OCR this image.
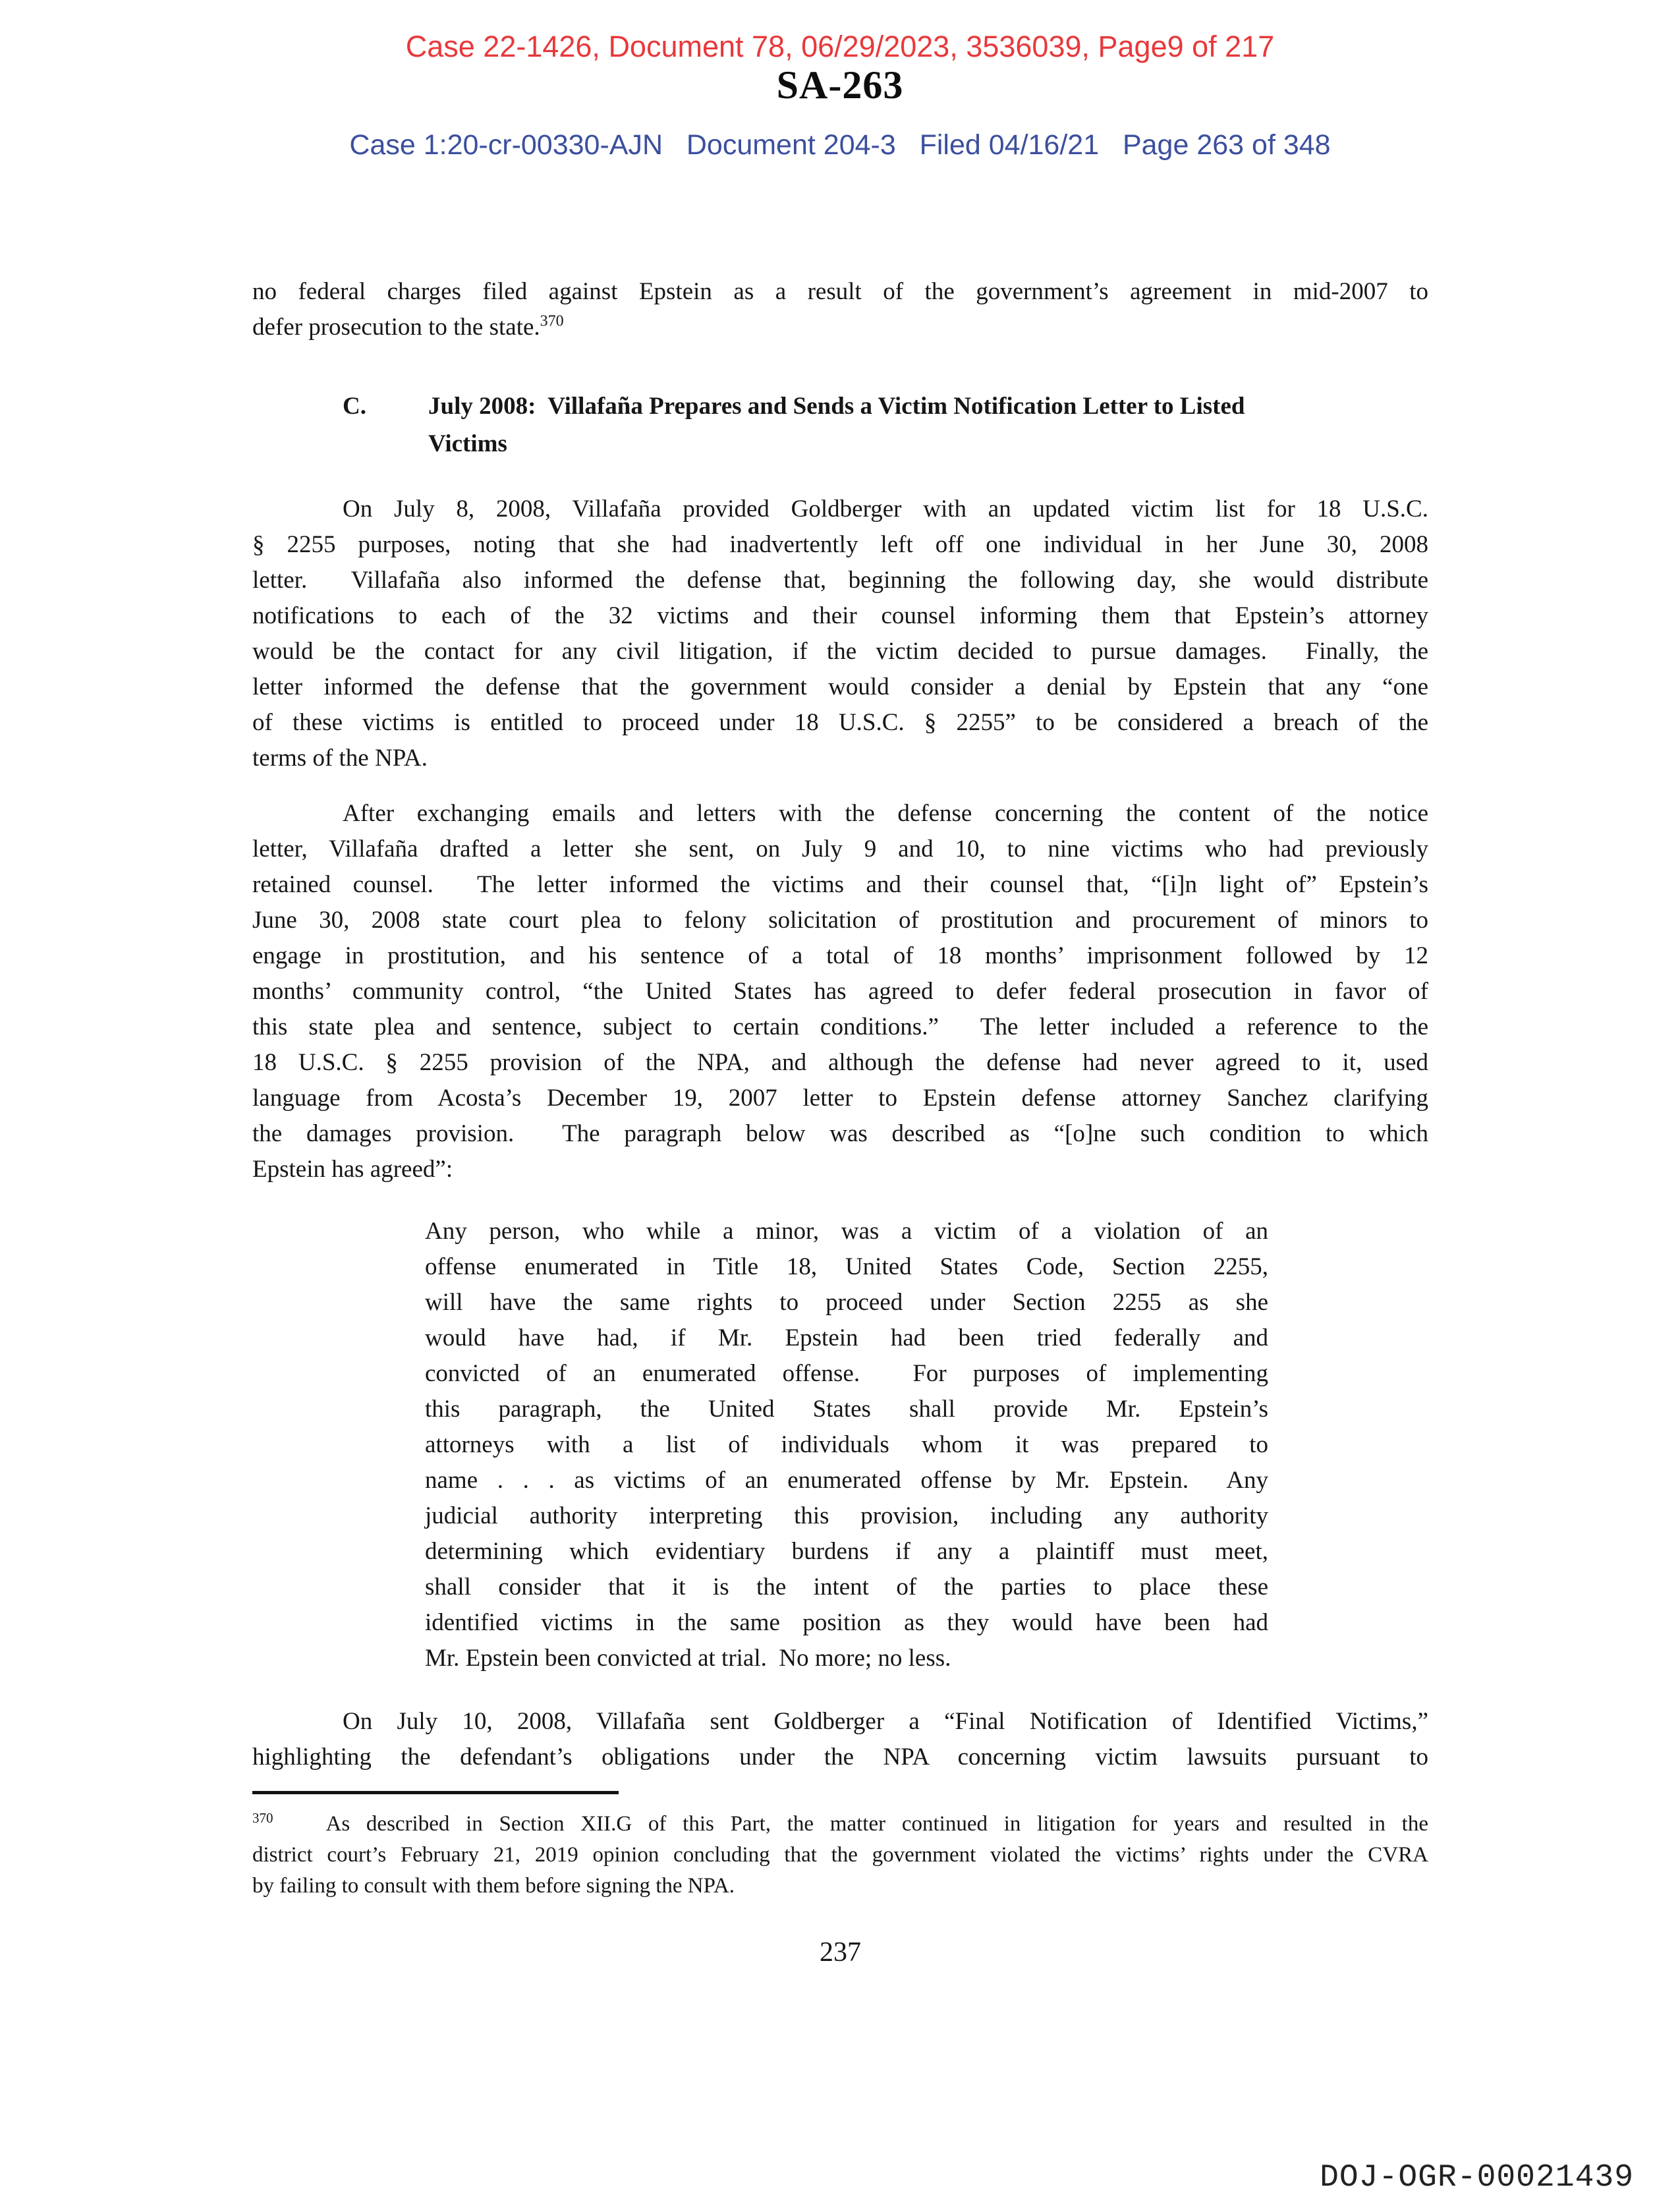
Case 22-1426, Document 78, 06/29/2023, 3536039, Page9 of 217
SA-263
Case 1:20-cr-00330-AJN   Document 204-3   Filed 04/16/21   Page 263 of 348
no federal charges filed against Epstein as a result of the government’s agreement in mid-2007 to
defer prosecution to the state.$^{370}$
C.	July 2008:  Villafaña Prepares and Sends a Victim Notification Letter to Listed
Victims
On July 8, 2008, Villafaña provided Goldberger with an updated victim list for 18 U.S.C.
§ 2255 purposes, noting that she had inadvertently left off one individual in her June 30, 2008
letter.  Villafaña also informed the defense that, beginning the following day, she would distribute
notifications to each of the 32 victims and their counsel informing them that Epstein’s attorney
would be the contact for any civil litigation, if the victim decided to pursue damages.  Finally, the
letter informed the defense that the government would consider a denial by Epstein that any “one
of these victims is entitled to proceed under 18 U.S.C. § 2255” to be considered a breach of the
terms of the NPA.
After exchanging emails and letters with the defense concerning the content of the notice
letter, Villafaña drafted a letter she sent, on July 9 and 10, to nine victims who had previously
retained counsel.  The letter informed the victims and their counsel that, “[i]n light of” Epstein’s
June 30, 2008 state court plea to felony solicitation of prostitution and procurement of minors to
engage in prostitution, and his sentence of a total of 18 months’ imprisonment followed by 12
months’ community control, “the United States has agreed to defer federal prosecution in favor of
this state plea and sentence, subject to certain conditions.”  The letter included a reference to the
18 U.S.C. § 2255 provision of the NPA, and although the defense had never agreed to it, used
language from Acosta’s December 19, 2007 letter to Epstein defense attorney Sanchez clarifying
the damages provision.  The paragraph below was described as “[o]ne such condition to which
Epstein has agreed”:
Any person, who while a minor, was a victim of a violation of an
offense enumerated in Title 18, United States Code, Section 2255,
will have the same rights to proceed under Section 2255 as she
would have had, if Mr. Epstein had been tried federally and
convicted of an enumerated offense.  For purposes of implementing
this paragraph, the United States shall provide Mr. Epstein’s
attorneys with a list of individuals whom it was prepared to
name . . . as victims of an enumerated offense by Mr. Epstein.  Any
judicial authority interpreting this provision, including any authority
determining which evidentiary burdens if any a plaintiff must meet,
shall consider that it is the intent of the parties to place these
identified victims in the same position as they would have been had
Mr. Epstein been convicted at trial.  No more; no less.
On July 10, 2008, Villafaña sent Goldberger a “Final Notification of Identified Victims,”
highlighting the defendant’s obligations under the NPA concerning victim lawsuits pursuant to
$^{370}$ As described in Section XII.G of this Part, the matter continued in litigation for years and resulted in the
district court’s February 21, 2019 opinion concluding that the government violated the victims’ rights under the CVRA
by failing to consult with them before signing the NPA.
237
DOJ-OGR-00021439
